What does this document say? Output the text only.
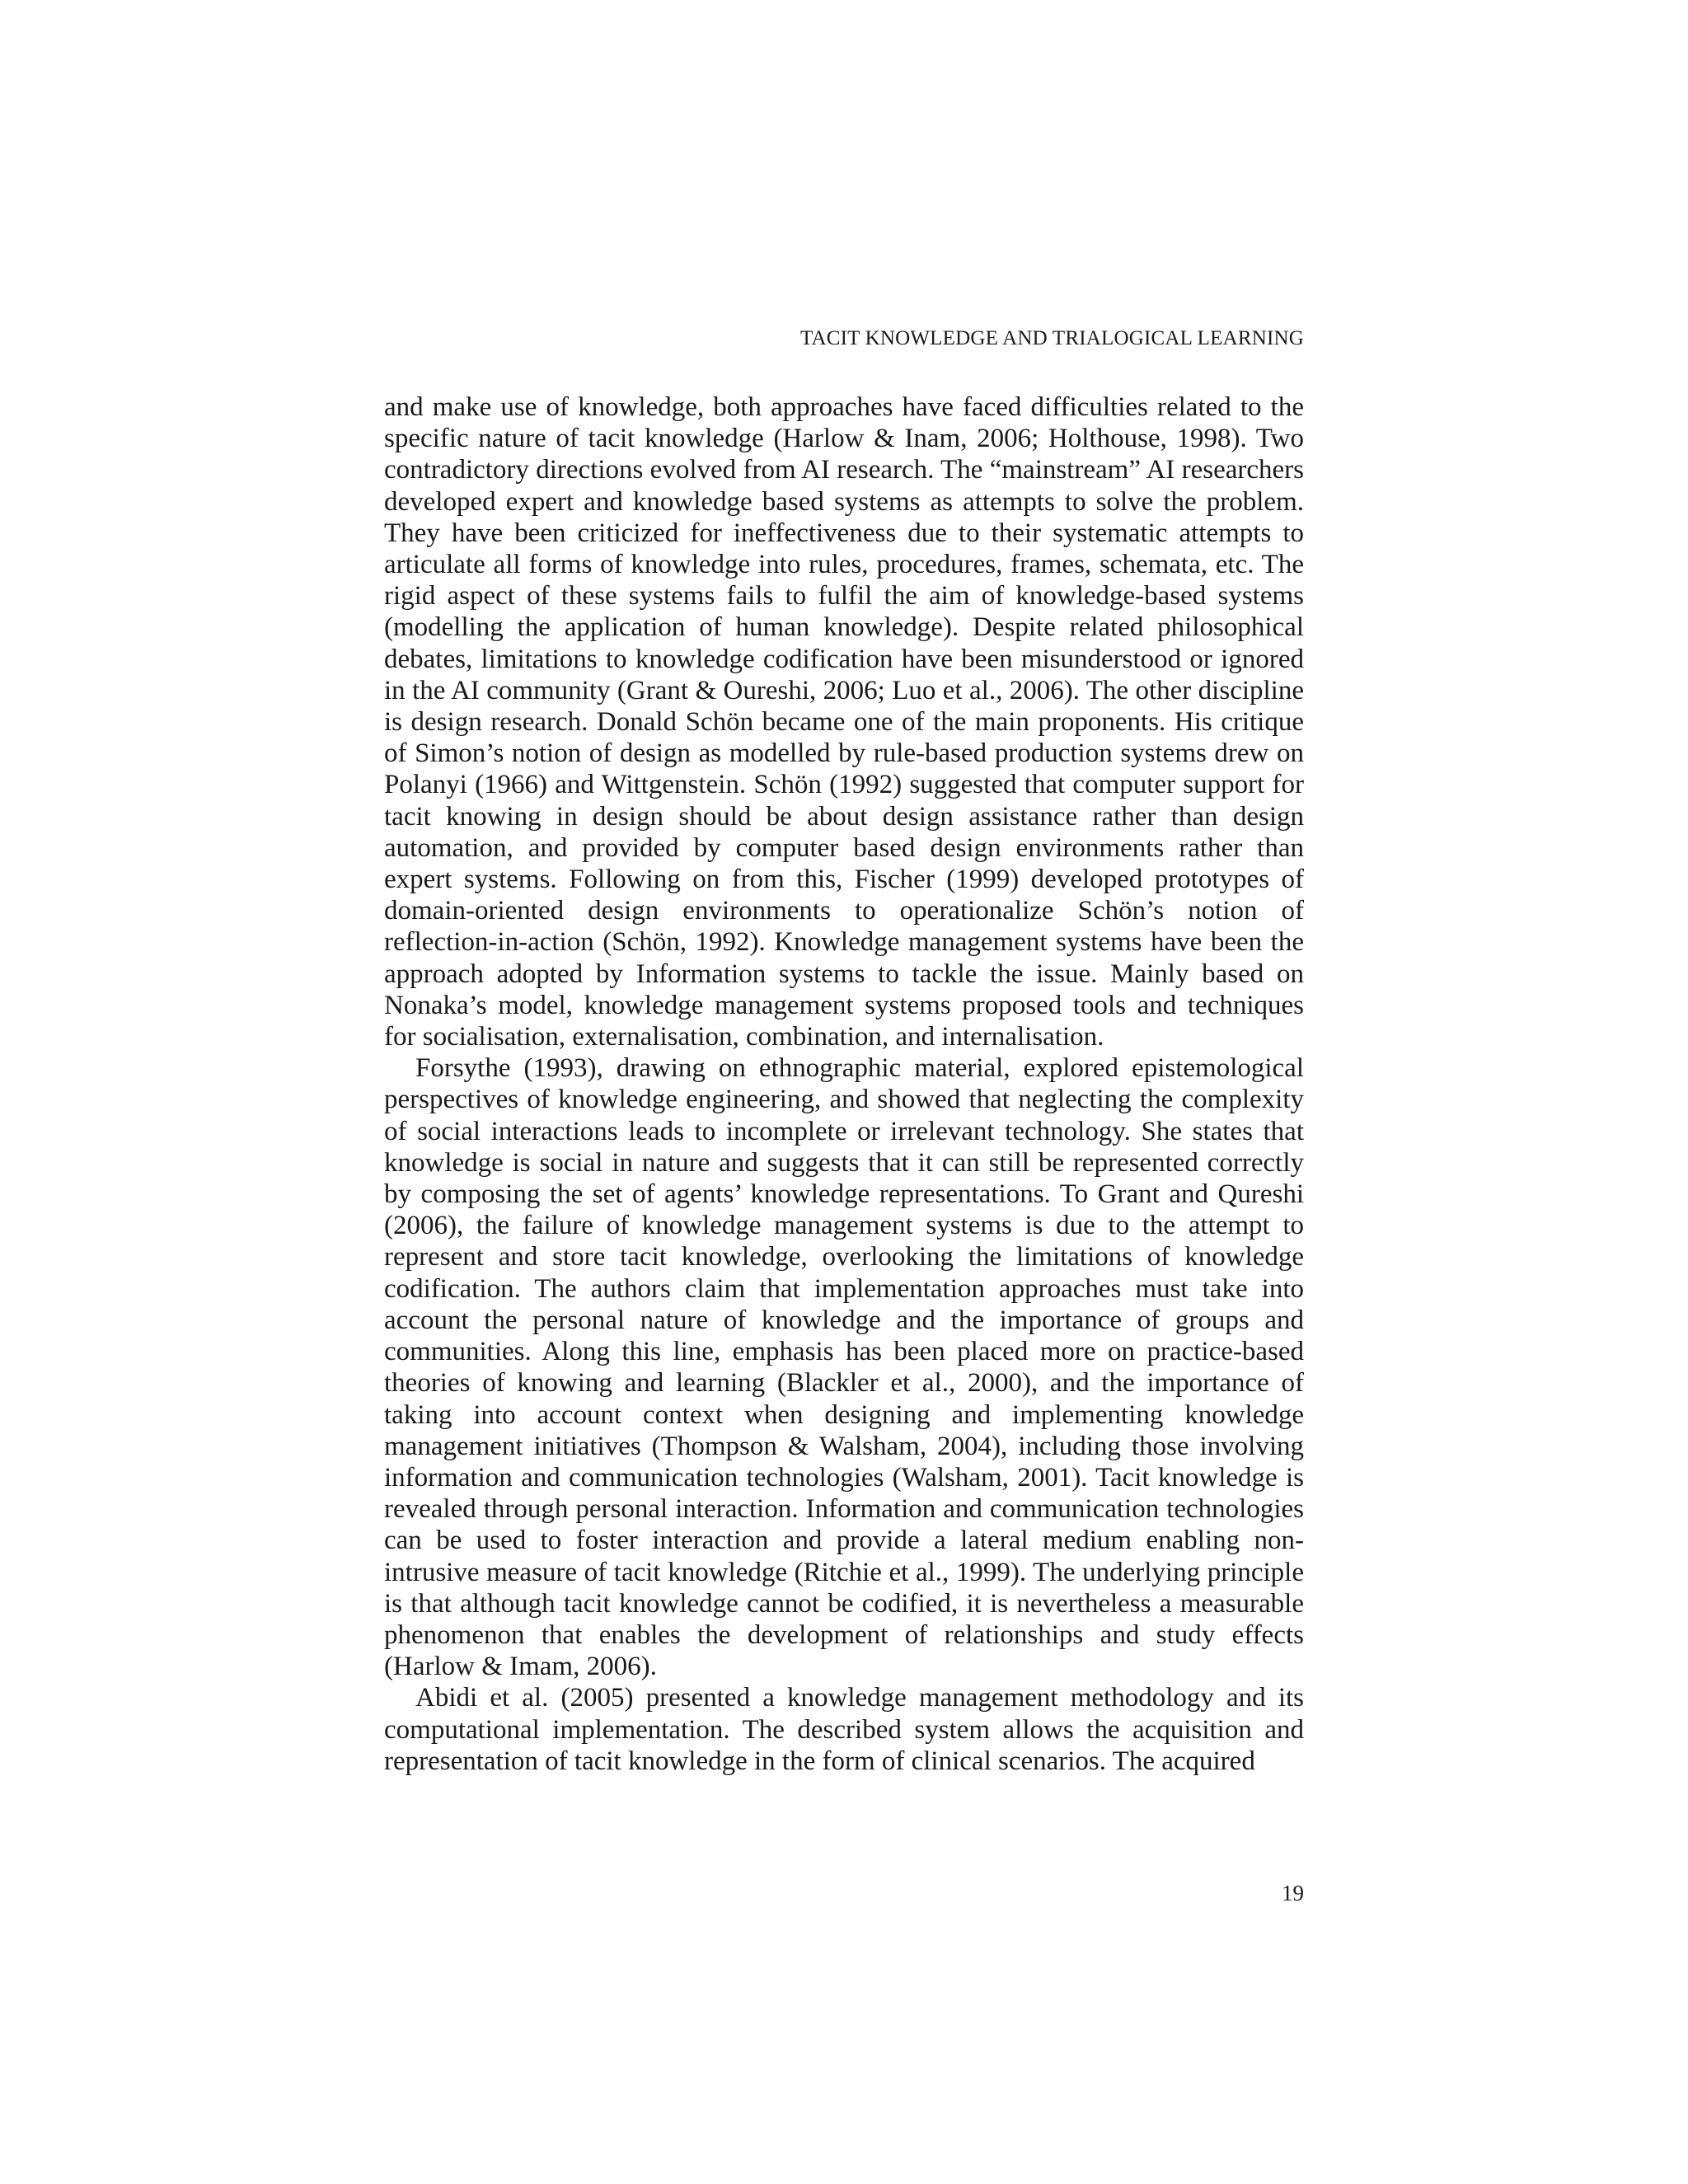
TACIT KNOWLEDGE AND TRIALOGICAL LEARNING

and make use of knowledge, both approaches have faced difficulties related to the specific nature of tacit knowledge (Harlow & Inam, 2006; Holthouse, 1998). Two contradictory directions evolved from AI research. The “mainstream” AI researchers developed expert and knowledge based systems as attempts to solve the problem. They have been criticized for ineffectiveness due to their systematic attempts to articulate all forms of knowledge into rules, procedures, frames, schemata, etc. The rigid aspect of these systems fails to fulfil the aim of knowledge-based systems (modelling the application of human knowledge). Despite related philosophical debates, limitations to knowledge codification have been misunderstood or ignored in the AI community (Grant & Oureshi, 2006; Luo et al., 2006). The other discipline is design research. Donald Schön became one of the main proponents. His critique of Simon’s notion of design as modelled by rule-based production systems drew on Polanyi (1966) and Wittgenstein. Schön (1992) suggested that computer support for tacit knowing in design should be about design assistance rather than design automation, and provided by computer based design environments rather than expert systems. Following on from this, Fischer (1999) developed prototypes of domain-oriented design environments to operationalize Schön’s notion of reflection-in-action (Schön, 1992). Knowledge management systems have been the approach adopted by Information systems to tackle the issue. Mainly based on Nonaka’s model, knowledge management systems proposed tools and techniques for socialisation, externalisation, combination, and internalisation.

Forsythe (1993), drawing on ethnographic material, explored epistemological perspectives of knowledge engineering, and showed that neglecting the complexity of social interactions leads to incomplete or irrelevant technology. She states that knowledge is social in nature and suggests that it can still be represented correctly by composing the set of agents’ knowledge representations. To Grant and Qureshi (2006), the failure of knowledge management systems is due to the attempt to represent and store tacit knowledge, overlooking the limitations of knowledge codification. The authors claim that implementation approaches must take into account the personal nature of knowledge and the importance of groups and communities. Along this line, emphasis has been placed more on practice-based theories of knowing and learning (Blackler et al., 2000), and the importance of taking into account context when designing and implementing knowledge management initiatives (Thompson & Walsham, 2004), including those involving information and communication technologies (Walsham, 2001). Tacit knowledge is revealed through personal interaction. Information and communication technologies can be used to foster interaction and provide a lateral medium enabling non-intrusive measure of tacit knowledge (Ritchie et al., 1999). The underlying principle is that although tacit knowledge cannot be codified, it is nevertheless a measurable phenomenon that enables the development of relationships and study effects (Harlow & Imam, 2006).

Abidi et al. (2005) presented a knowledge management methodology and its computational implementation. The described system allows the acquisition and representation of tacit knowledge in the form of clinical scenarios. The acquired

19
